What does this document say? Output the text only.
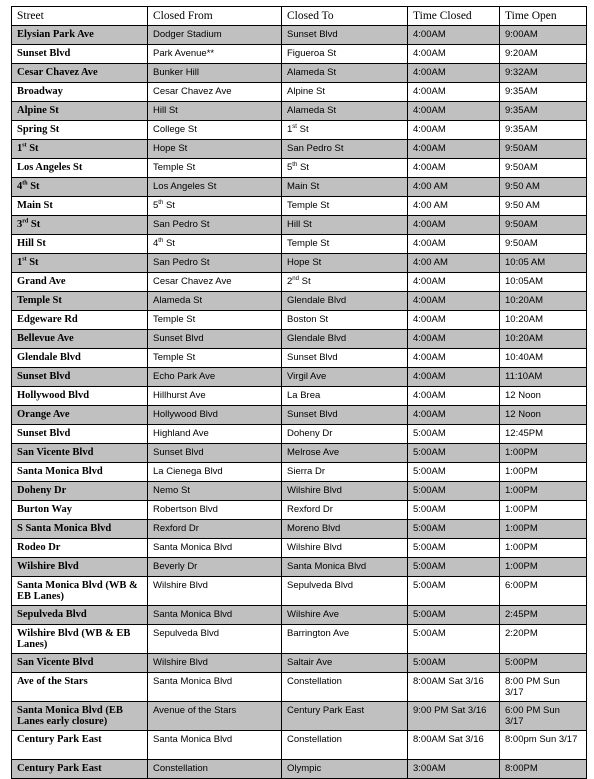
Street	Closed From	Closed To	Time Closed	Time Open
Elysian Park Ave	Dodger Stadium	Sunset Blvd	4:00AM	9:00AM
Sunset Blvd	Park Avenue**	Figueroa St	4:00AM	9:20AM
Cesar Chavez Ave	Bunker Hill	Alameda St	4:00AM	9:32AM
Broadway	Cesar Chavez Ave	Alpine St	4:00AM	9:35AM
Alpine St	Hill St	Alameda St	4:00AM	9:35AM
Spring St	College St	1st St	4:00AM	9:35AM
1st St	Hope St	San Pedro St	4:00AM	9:50AM
Los Angeles St	Temple St	5th St	4:00AM	9:50AM
4th St	Los Angeles St	Main St	4:00 AM	9:50 AM
Main St	5th St	Temple St	4:00 AM	9:50 AM
3rd St	San Pedro St	Hill St	4:00AM	9:50AM
Hill St	4th St	Temple St	4:00AM	9:50AM
1st St	San Pedro St	Hope St	4:00 AM	10:05 AM
Grand Ave	Cesar Chavez Ave	2nd St	4:00AM	10:05AM
Temple St	Alameda St	Glendale Blvd	4:00AM	10:20AM
Edgeware Rd	Temple St	Boston St	4:00AM	10:20AM
Bellevue Ave	Sunset Blvd	Glendale Blvd	4:00AM	10:20AM
Glendale Blvd	Temple St	Sunset Blvd	4:00AM	10:40AM
Sunset Blvd	Echo Park Ave	Virgil Ave	4:00AM	11:10AM
Hollywood Blvd	Hillhurst Ave	La Brea	4:00AM	12 Noon
Orange Ave	Hollywood Blvd	Sunset Blvd	4:00AM	12 Noon
Sunset Blvd	Highland Ave	Doheny Dr	5:00AM	12:45PM
San Vicente Blvd	Sunset Blvd	Melrose Ave	5:00AM	1:00PM
Santa Monica Blvd	La Cienega Blvd	Sierra Dr	5:00AM	1:00PM
Doheny Dr	Nemo St	Wilshire Blvd	5:00AM	1:00PM
Burton Way	Robertson Blvd	Rexford Dr	5:00AM	1:00PM
S Santa Monica Blvd	Rexford Dr	Moreno Blvd	5:00AM	1:00PM
Rodeo Dr	Santa Monica Blvd	Wilshire Blvd	5:00AM	1:00PM
Wilshire Blvd	Beverly Dr	Santa Monica Blvd	5:00AM	1:00PM
Santa Monica Blvd (WB & EB Lanes)	Wilshire Blvd	Sepulveda Blvd	5:00AM	6:00PM
Sepulveda Blvd	Santa Monica Blvd	Wilshire Ave	5:00AM	2:45PM
Wilshire Blvd (WB & EB Lanes)	Sepulveda Blvd	Barrington Ave	5:00AM	2:20PM
San Vicente Blvd	Wilshire Blvd	Saltair Ave	5:00AM	5:00PM
Ave of the Stars	Santa Monica Blvd	Constellation	8:00AM Sat 3/16	8:00 PM Sun 3/17
Santa Monica Blvd (EB Lanes early closure)	Avenue of the Stars	Century Park East	9:00 PM Sat 3/16	6:00 PM Sun 3/17
Century Park East	Santa Monica Blvd	Constellation	8:00AM Sat 3/16	8:00pm Sun 3/17
Century Park East	Constellation	Olympic	3:00AM	8:00PM
